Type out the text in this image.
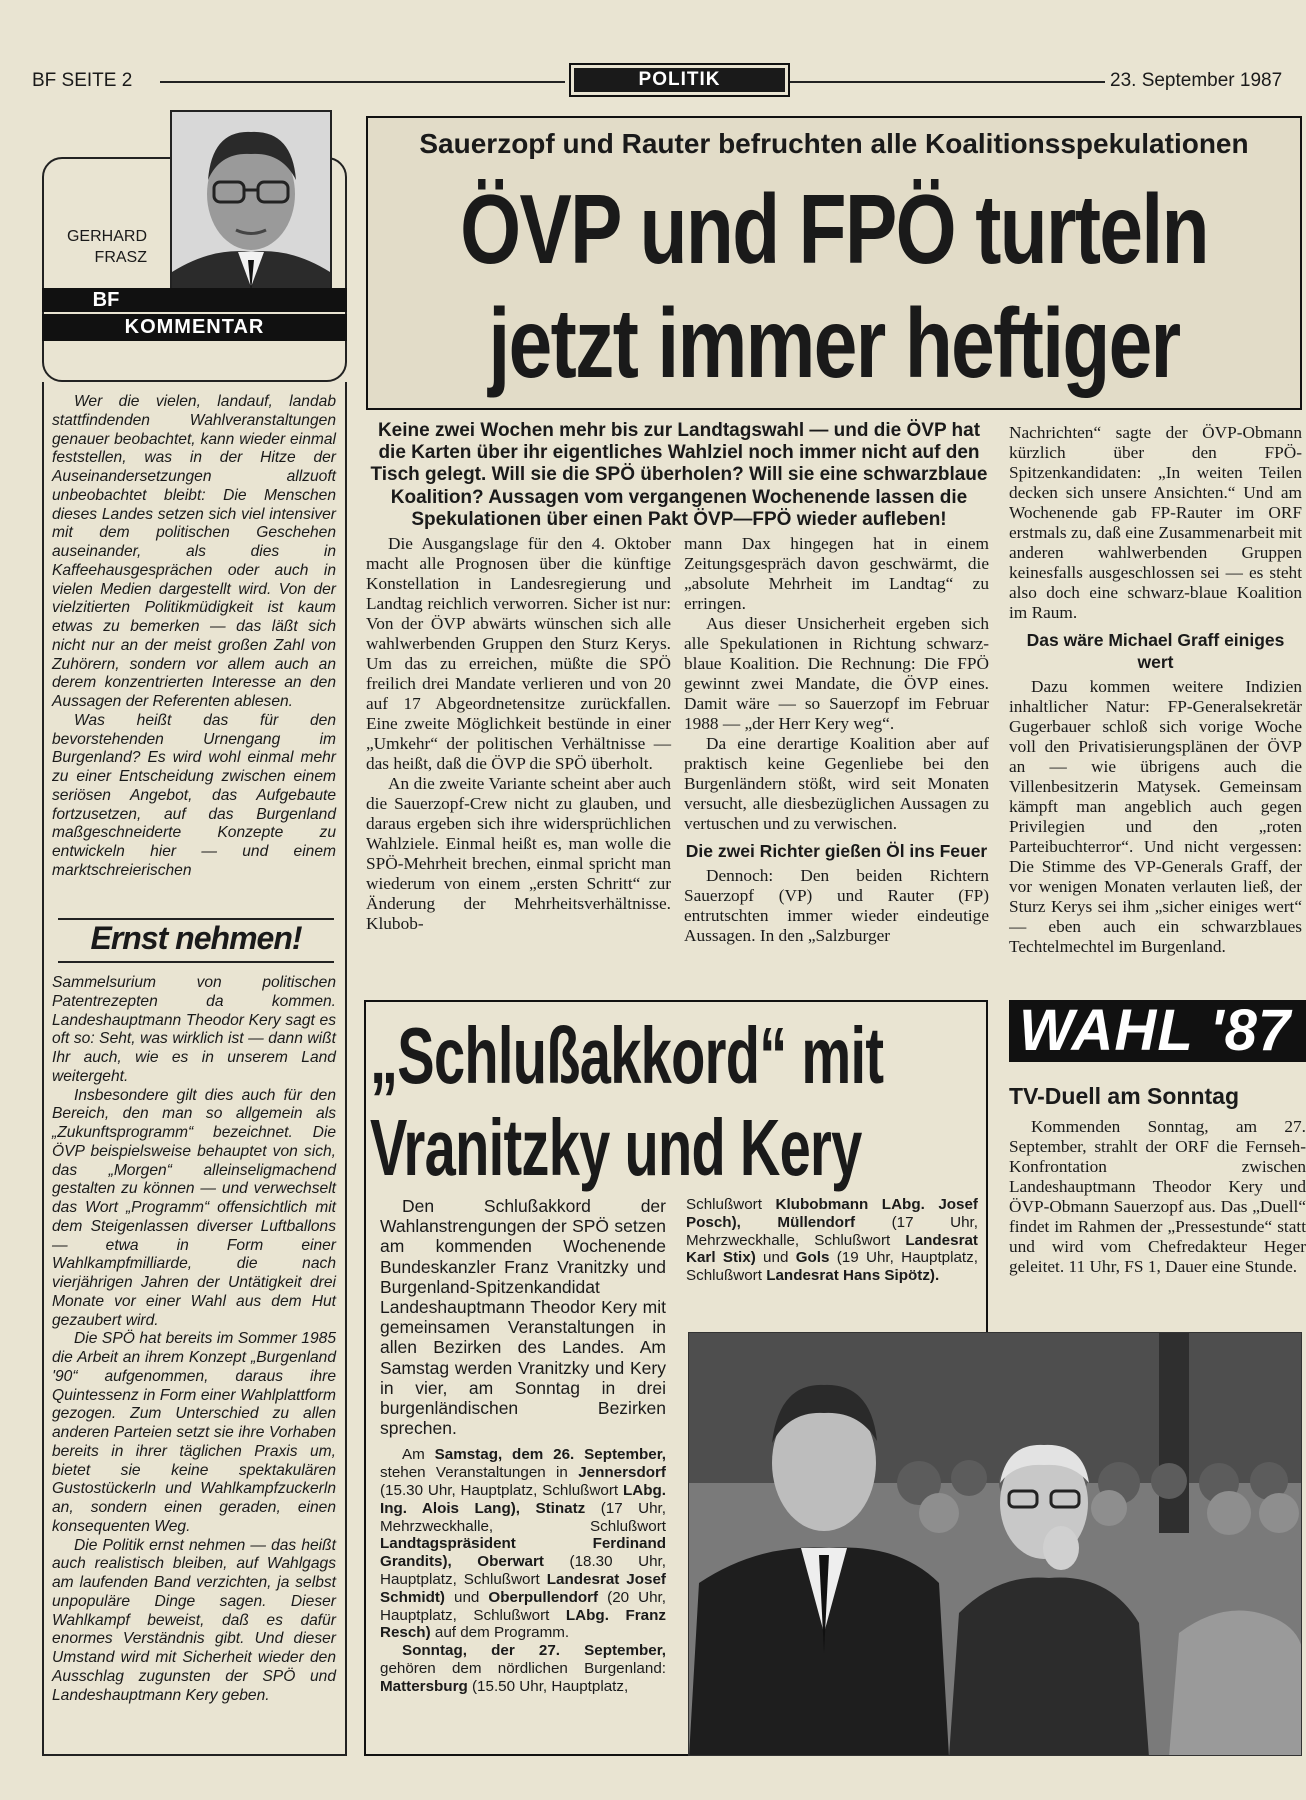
BF SEITE 2	POLITIK	23. September 1987
GERHARD
FRASZ
BF
KOMMENTAR

Wer die vielen, landauf, landab stattfindenden Wahlveranstaltungen genauer beobachtet, kann wieder einmal feststellen, was in der Hitze der Auseinandersetzungen allzuoft unbeobachtet bleibt: Die Menschen dieses Landes setzen sich viel intensiver mit dem politischen Geschehen auseinander, als dies in Kaffeehausgesprächen oder auch in vielen Medien dargestellt wird. Von der vielzitierten Politikmüdigkeit ist kaum etwas zu bemerken — das läßt sich nicht nur an der meist großen Zahl von Zuhörern, sondern vor allem auch an derem konzentrierten Interesse an den Aussagen der Referenten ablesen.

Was heißt das für den bevorstehenden Urnengang im Burgenland? Es wird wohl einmal mehr zu einer Entscheidung zwischen einem seriösen Angebot, das Aufgebaute fortzusetzen, auf das Burgenland maßgeschneiderte Konzepte zu entwickeln hier — und einem marktschreierischen

Ernst nehmen!

Sammelsurium von politischen Patentrezepten da kommen. Landeshauptmann Theodor Kery sagt es oft so: Seht, was wirklich ist — dann wißt Ihr auch, wie es in unserem Land weitergeht.

Insbesondere gilt dies auch für den Bereich, den man so allgemein als „Zukunftsprogramm“ bezeichnet. Die ÖVP beispielsweise behauptet von sich, das „Morgen“ alleinseligmachend gestalten zu können — und verwechselt das Wort „Programm“ offensichtlich mit dem Steigenlassen diverser Luftballons — etwa in Form einer Wahlkampfmilliarde, die nach vierjährigen Jahren der Untätigkeit drei Monate vor einer Wahl aus dem Hut gezaubert wird.

Die SPÖ hat bereits im Sommer 1985 die Arbeit an ihrem Konzept „Burgenland '90“ aufgenommen, daraus ihre Quintessenz in Form einer Wahlplattform gezogen. Zum Unterschied zu allen anderen Parteien setzt sie ihre Vorhaben bereits in ihrer täglichen Praxis um, bietet sie keine spektakulären Gustostückerln und Wahlkampfzuckerln an, sondern einen geraden, einen konsequenten Weg.

Die Politik ernst nehmen — das heißt auch realistisch bleiben, auf Wahlgags am laufenden Band verzichten, ja selbst unpopuläre Dinge sagen. Dieser Wahlkampf beweist, daß es dafür enormes Verständnis gibt. Und dieser Umstand wird mit Sicherheit wieder den Ausschlag zugunsten der SPÖ und Landeshauptmann Kery geben.

Sauerzopf und Rauter befruchten alle Koalitionsspekulationen
ÖVP und FPÖ turteln
jetzt immer heftiger
Keine zwei Wochen mehr bis zur Landtagswahl — und die ÖVP hat die Karten über ihr eigentliches Wahlziel noch immer nicht auf den Tisch gelegt. Will sie die SPÖ überholen? Will sie eine schwarzblaue Koalition? Aussagen vom vergangenen Wochenende lassen die Spekulationen über einen Pakt ÖVP—FPÖ wieder aufleben!

Die Ausgangslage für den 4. Oktober macht alle Prognosen über die künftige Konstellation in Landesregierung und Landtag reichlich verworren. Sicher ist nur: Von der ÖVP abwärts wünschen sich alle wahlwerbenden Gruppen den Sturz Kerys. Um das zu erreichen, müßte die SPÖ freilich drei Mandate verlieren und von 20 auf 17 Abgeordnetensitze zurückfallen. Eine zweite Möglichkeit bestünde in einer „Umkehr“ der politischen Verhältnisse — das heißt, daß die ÖVP die SPÖ überholt.

An die zweite Variante scheint aber auch die Sauerzopf-Crew nicht zu glauben, und daraus ergeben sich ihre widersprüchlichen Wahlziele. Einmal heißt es, man wolle die SPÖ-Mehrheit brechen, einmal spricht man wiederum von einem „ersten Schritt“ zur Änderung der Mehrheitsverhältnisse. Klubob-

mann Dax hingegen hat in einem Zeitungsgespräch davon geschwärmt, die „absolute Mehrheit im Landtag“ zu erringen.

Aus dieser Unsicherheit ergeben sich alle Spekulationen in Richtung schwarz-blaue Koalition. Die Rechnung: Die FPÖ gewinnt zwei Mandate, die ÖVP eines. Damit wäre — so Sauerzopf im Februar 1988 — „der Herr Kery weg“.

Da eine derartige Koalition aber auf praktisch keine Gegenliebe bei den Burgenländern stößt, wird seit Monaten versucht, alle diesbezüglichen Aussagen zu vertuschen und zu verwischen.

Die zwei Richter gießen Öl ins Feuer

Dennoch: Den beiden Richtern Sauerzopf (VP) und Rauter (FP) entrutschten immer wieder eindeutige Aussagen. In den „Salzburger

Nachrichten“ sagte der ÖVP-Obmann kürzlich über den FPÖ-Spitzenkandidaten: „In weiten Teilen decken sich unsere Ansichten.“ Und am Wochenende gab FP-Rauter im ORF erstmals zu, daß eine Zusammenarbeit mit anderen wahlwerbenden Gruppen keinesfalls ausgeschlossen sei — es steht also doch eine schwarz-blaue Koalition im Raum.

Das wäre Michael Graff einiges wert

Dazu kommen weitere Indizien inhaltlicher Natur: FP-Generalsekretär Gugerbauer schloß sich vorige Woche voll den Privatisierungsplänen der ÖVP an — wie übrigens auch die Villenbesitzerin Matysek. Gemeinsam kämpft man angeblich auch gegen Privilegien und den „roten Parteibuchterror“. Und nicht vergessen: Die Stimme des VP-Generals Graff, der vor wenigen Monaten verlauten ließ, der Sturz Kerys sei ihm „sicher einiges wert“ — eben auch ein schwarzblaues Techtelmechtel im Burgenland.

„Schlußakkord“ mit
Vranitzky und Kery

Den Schlußakkord der Wahlanstrengungen der SPÖ setzen am kommenden Wochenende Bundeskanzler Franz Vranitzky und Burgenland-Spitzenkandidat Landeshauptmann Theodor Kery mit gemeinsamen Veranstaltungen in allen Bezirken des Landes. Am Samstag werden Vranitzky und Kery in vier, am Sonntag in drei burgenländischen Bezirken sprechen.

Am Samstag, dem 26. September, stehen Veranstaltungen in Jennersdorf (15.30 Uhr, Hauptplatz, Schlußwort LAbg. Ing. Alois Lang), Stinatz (17 Uhr, Mehrzweckhalle, Schlußwort Landtagspräsident Ferdinand Grandits), Oberwart (18.30 Uhr, Hauptplatz, Schlußwort Landesrat Josef Schmidt) und Oberpullendorf (20 Uhr, Hauptplatz, Schlußwort LAbg. Franz Resch) auf dem Programm.

Sonntag, der 27. September, gehören dem nördlichen Burgenland: Mattersburg (15.50 Uhr, Hauptplatz,

Schlußwort Klubobmann LAbg. Josef Posch), Müllendorf (17 Uhr, Mehrzweckhalle, Schlußwort Landesrat Karl Stix) und Gols (19 Uhr, Hauptplatz, Schlußwort Landesrat Hans Sipötz).
WAHL '87
TV-Duell am Sonntag

Kommenden Sonntag, am 27. September, strahlt der ORF die Fernseh-Konfrontation zwischen Landeshauptmann Theodor Kery und ÖVP-Obmann Sauerzopf aus. Das „Duell“ findet im Rahmen der „Pressestunde“ statt und wird vom Chefredakteur Heger geleitet. 11 Uhr, FS 1, Dauer eine Stunde.
